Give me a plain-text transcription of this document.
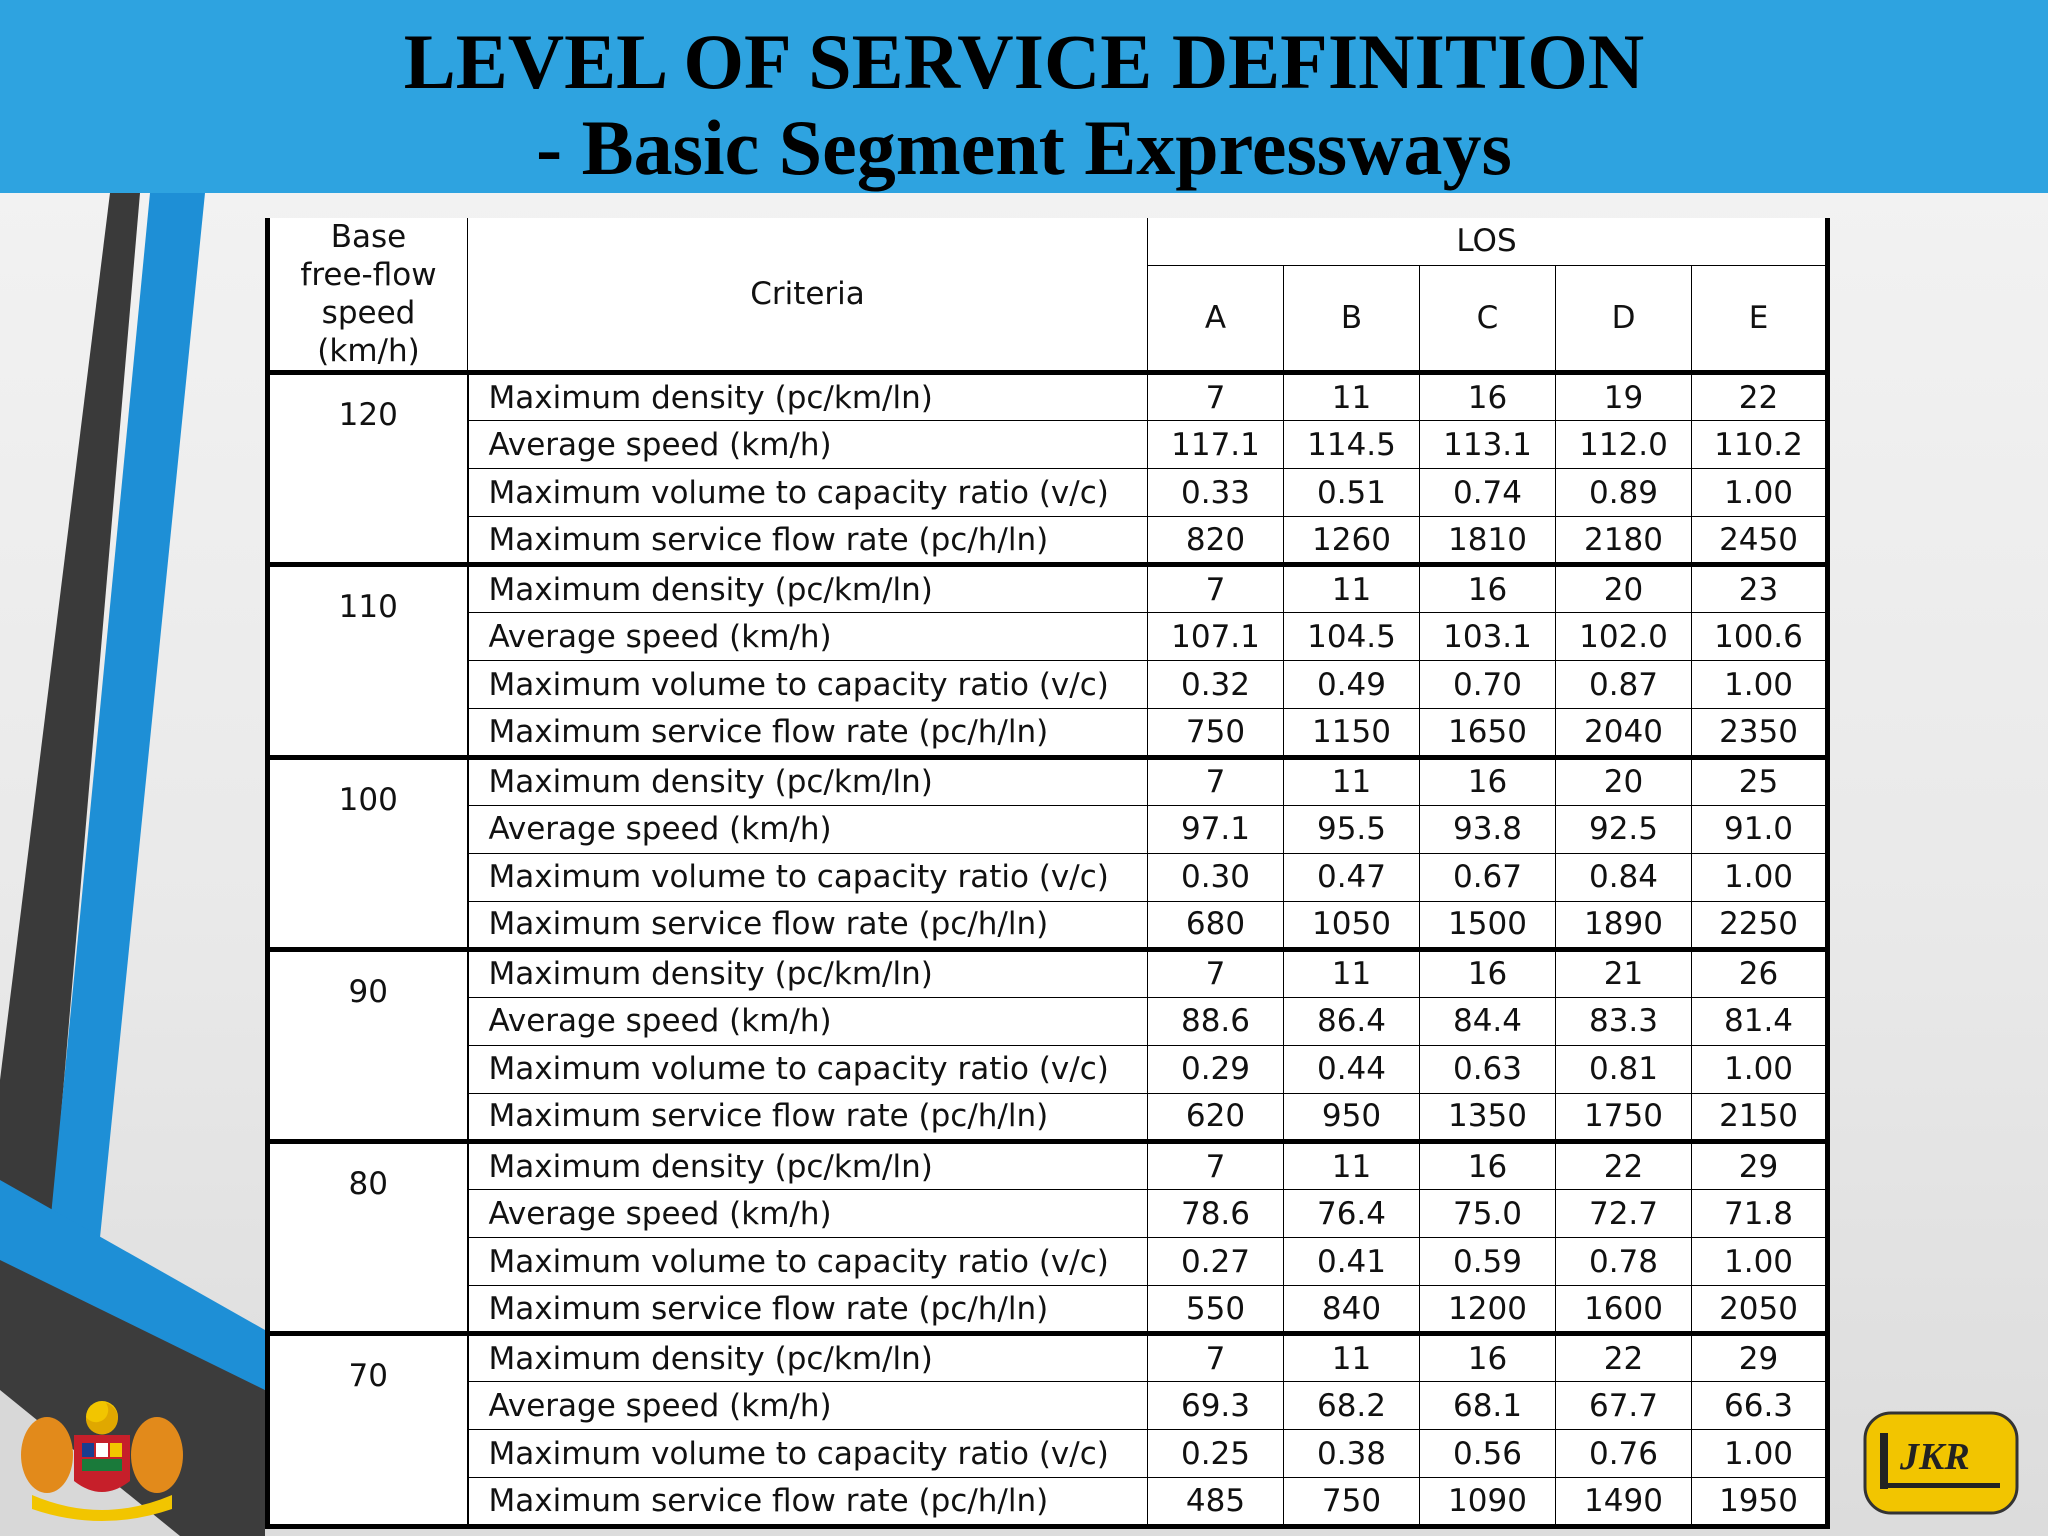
LEVEL OF SERVICE DEFINITION
- Basic Segment Expressways
Base
free-flow
speed
(km/h)	Criteria	LOS				
		A	B	C	D	E
120	Maximum density (pc/km/ln)	7	11	16	19	22
	Average speed (km/h)	117.1	114.5	113.1	112.0	110.2
	Maximum volume to capacity ratio (v/c)	0.33	0.51	0.74	0.89	1.00
	Maximum service flow rate (pc/h/ln)	820	1260	1810	2180	2450
110	Maximum density (pc/km/ln)	7	11	16	20	23
	Average speed (km/h)	107.1	104.5	103.1	102.0	100.6
	Maximum volume to capacity ratio (v/c)	0.32	0.49	0.70	0.87	1.00
	Maximum service flow rate (pc/h/ln)	750	1150	1650	2040	2350
100	Maximum density (pc/km/ln)	7	11	16	20	25
	Average speed (km/h)	97.1	95.5	93.8	92.5	91.0
	Maximum volume to capacity ratio (v/c)	0.30	0.47	0.67	0.84	1.00
	Maximum service flow rate (pc/h/ln)	680	1050	1500	1890	2250
90	Maximum density (pc/km/ln)	7	11	16	21	26
	Average speed (km/h)	88.6	86.4	84.4	83.3	81.4
	Maximum volume to capacity ratio (v/c)	0.29	0.44	0.63	0.81	1.00
	Maximum service flow rate (pc/h/ln)	620	950	1350	1750	2150
80	Maximum density (pc/km/ln)	7	11	16	22	29
	Average speed (km/h)	78.6	76.4	75.0	72.7	71.8
	Maximum volume to capacity ratio (v/c)	0.27	0.41	0.59	0.78	1.00
	Maximum service flow rate (pc/h/ln)	550	840	1200	1600	2050
70	Maximum density (pc/km/ln)	7	11	16	22	29
	Average speed (km/h)	69.3	68.2	68.1	67.7	66.3
	Maximum volume to capacity ratio (v/c)	0.25	0.38	0.56	0.76	1.00
	Maximum service flow rate (pc/h/ln)	485	750	1090	1490	1950
JKR
